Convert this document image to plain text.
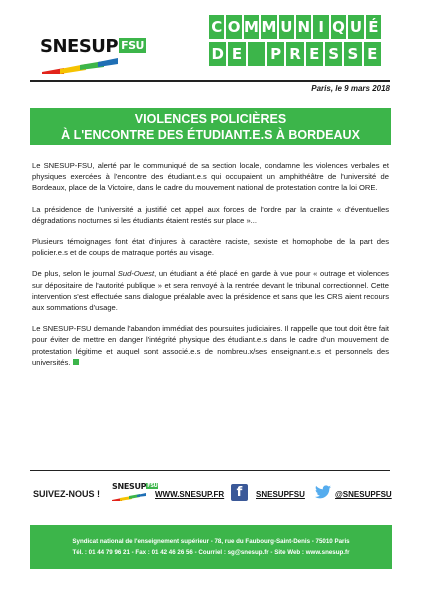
SNESUP FSU
C O M M U N I Q U É
D E P R E S S E
Paris, le 9 mars 2018
VIOLENCES POLICIÈRES
À L'ENCONTRE DES ÉTUDIANT.E.S À BORDEAUX

Le SNESUP-FSU, alerté par le communiqué de sa section locale, condamne les violences verbales et physiques exercées à l'encontre des étudiant.e.s qui occupaient un amphithéâtre de l'université de Bordeaux, place de la Victoire, dans le cadre du mouvement national de protestation contre la loi ORE.

La présidence de l'université a justifié cet appel aux forces de l'ordre par la crainte « d'éventuelles dégradations nocturnes si les étudiants étaient restés sur place »...

Plusieurs témoignages font état d'injures à caractère raciste, sexiste et homophobe de la part des policier.e.s et de coups de matraque portés au visage.

De plus, selon le journal Sud-Ouest, un étudiant a été placé en garde à vue pour « outrage et violences sur dépositaire de l'autorité publique » et sera renvoyé à la rentrée devant le tribunal correctionnel. Cette intervention s'est effectuée sans dialogue préalable avec la présidence et sans que les CRS aient recours aux sommations d'usage.

Le SNESUP-FSU demande l'abandon immédiat des poursuites judiciaires. Il rappelle que tout doit être fait pour éviter de mettre en danger l'intégrité physique des étudiant.e.s dans le cadre d'un mouvement de protestation légitime et auquel sont associé.e.s de nombreu.x/ses enseignant.e.s et personnels des universités.

SUIVEZ-NOUS !
$SNESUP^{FSU}$
WWW.SNESUP.FR f	SNESUPFSU	@SNESUPFSU
Syndicat national de l'enseignement supérieur - 78, rue du Faubourg-Saint-Denis - 75010 Paris
Tél. : 01 44 79 96 21 - Fax : 01 42 46 26 56 - Courriel : sg@snesup.fr - Site Web : www.snesup.fr
